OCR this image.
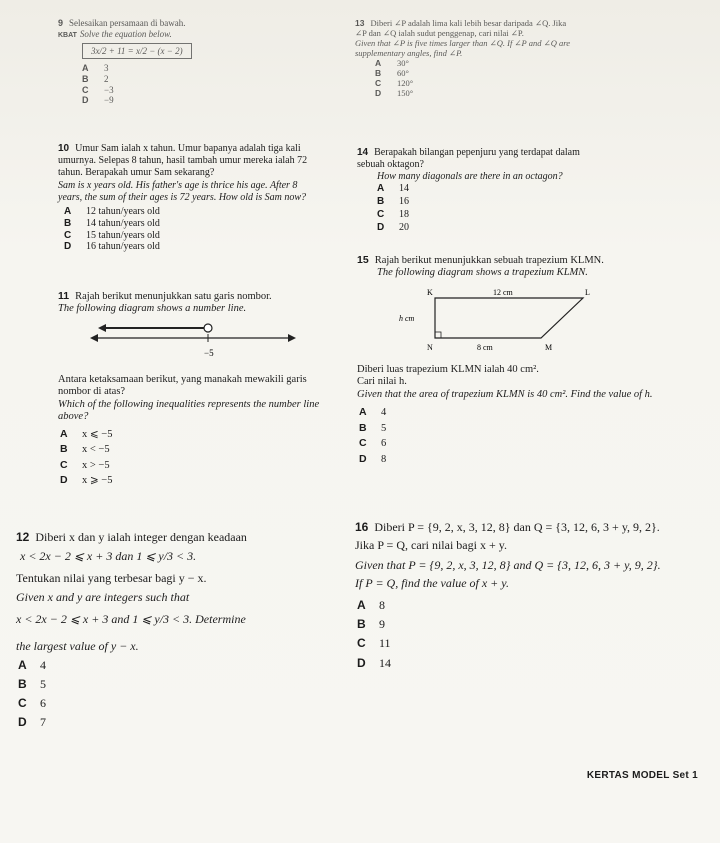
9 Selesaikan persamaan di bawah.
KBAT Solve the equation below.
3x/2 + 11 = x/2 − (x − 2)
A	3
B	2
C	−3
D	−9
10 Umur Sam ialah x tahun. Umur bapanya adalah tiga kali umurnya. Selepas 8 tahun, hasil tambah umur mereka ialah 72 tahun. Berapakah umur Sam sekarang?
Sam is x years old. His father's age is thrice his age. After 8 years, the sum of their ages is 72 years. How old is Sam now?
A	12 tahun/years old
B	14 tahun/years old
C	15 tahun/years old
D	16 tahun/years old
11 Rajah berikut menunjukkan satu garis nombor.
The following diagram shows a number line.
−5
Antara ketaksamaan berikut, yang manakah mewakili garis nombor di atas?
Which of the following inequalities represents the number line above?
A	x ⩽ −5
B	x < −5
C	x > −5
D	x ⩾ −5
12 Diberi x dan y ialah integer dengan keadaan
x < 2x − 2 ⩽ x + 3 dan 1 ⩽ y/3 < 3.
Tentukan nilai yang terbesar bagi y − x.
Given x and y are integers such that
x < 2x − 2 ⩽ x + 3 and 1 ⩽ y/3 < 3. Determine
the largest value of y − x.
A	4
B	5
C	6
D	7
13 Diberi ∠P adalah lima kali lebih besar daripada ∠Q. Jika ∠P dan ∠Q ialah sudut penggenap, cari nilai ∠P.
Given that ∠P is five times larger than ∠Q. If ∠P and ∠Q are supplementary angles, find ∠P.
A	30°
B	60°
C	120°
D	150°
14 Berapakah bilangan pepenjuru yang terdapat dalam sebuah oktagon?
How many diagonals are there in an octagon?
A	14
B	16
C	18
D	20
15 Rajah berikut menunjukkan sebuah trapezium KLMN.
The following diagram shows a trapezium KLMN.
K	L
M
N
12 cm
8 cm
h cm
Diberi luas trapezium KLMN ialah 40 cm².
Cari nilai h.
Given that the area of trapezium KLMN is 40 cm². Find the value of h.
A	4
B	5
C	6
D	8
16 Diberi P = {9, 2, x, 3, 12, 8} dan Q = {3, 12, 6, 3 + y, 9, 2}. Jika P = Q, cari nilai bagi x + y.
Given that P = {9, 2, x, 3, 12, 8} and Q = {3, 12, 6, 3 + y, 9, 2}. If P = Q, find the value of x + y.
A	8
B	9
C	11
D	14
KERTAS MODEL Set 1
